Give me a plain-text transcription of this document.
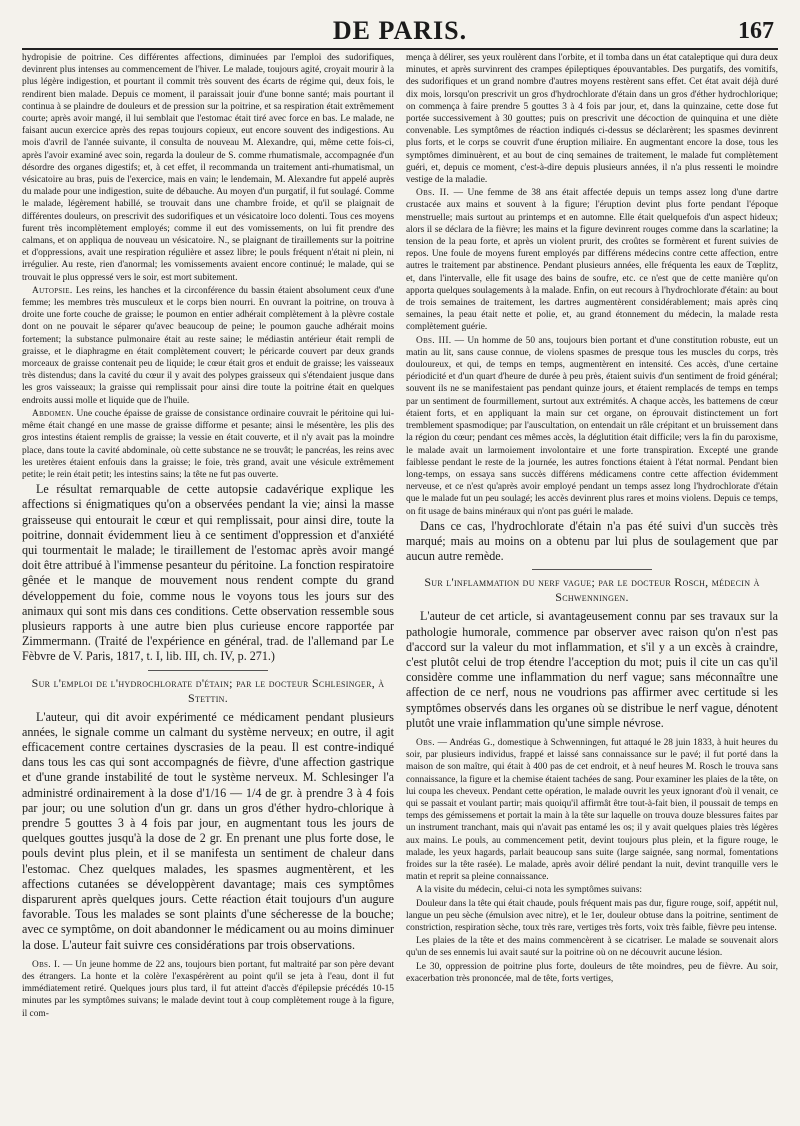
DE PARIS.	167

hydropisie de poitrine. Ces différentes affections, diminuées par l'emploi des sudorifiques, devinrent plus intenses au commencement de l'hiver. Le malade, toujours agité, croyait mourir à la plus légère indigestion, et pourtant il commit très souvent des écarts de régime qui, deux fois, le rendirent bien malade. Depuis ce moment, il paraissait jouir d'une bonne santé; mais pourtant il continua à se plaindre de douleurs et de pression sur la poitrine, et sa respiration était extrêmement courte; après avoir mangé, il lui semblait que l'estomac était tiré avec force en bas. Le malade, ne faisant aucun exercice après des repas toujours copieux, eut encore souvent des indigestions. Au mois d'avril de l'année suivante, il consulta de nouveau M. Alexandre, qui, même cette fois-ci, après l'avoir examiné avec soin, regarda la douleur de S. comme rhumatismale, accompagnée d'un désordre des organes digestifs; et, à cet effet, il recommanda un traitement anti-rhumatismal, un vésicatoire au bras, puis de l'exercice, mais en vain; le lendemain, M. Alexandre fut appelé auprès du malade pour une indigestion, suite de débauche. Au moyen d'un purgatif, il fut soulagé. Comme le malade, légèrement habillé, se trouvait dans une chambre froide, et qu'il se plaignait de différentes douleurs, on prescrivit des sudorifiques et un vésicatoire loco dolenti. Tous ces moyens furent très incomplètement employés; comme il eut des vomissements, on lui fit prendre des calmans, et on appliqua de nouveau un vésicatoire. N., se plaignant de tiraillements sur la poitrine et d'oppressions, avait une respiration régulière et assez libre; le pouls fréquent n'était ni plein, ni irrégulier. Au reste, rien d'anormal; les vomissements avaient encore continué; le malade, qui se trouvait le plus oppressé vers le soir, est mort subitement.

Autopsie. Les reins, les hanches et la circonférence du bassin étaient absolument ceux d'une femme; les membres très musculeux et le corps bien nourri. En ouvrant la poitrine, on trouva à droite une forte couche de graisse; le poumon en entier adhérait complètement à la plèvre costale dont on ne pouvait le séparer qu'avec beaucoup de peine; le poumon gauche adhérait moins fortement; la substance pulmonaire était au reste saine; le médiastin antérieur était rempli de graisse, et le diaphragme en était complètement couvert; le péricarde couvert par deux grands morceaux de graisse contenait peu de liquide; le cœur était gros et enduit de graisse; les vaisseaux très distendus; dans la cavité du cœur il y avait des polypes graisseux qui s'étendaient jusque dans les gros vaisseaux; la graisse qui remplissait pour ainsi dire toute la poitrine était en quelques endroits aussi molle et liquide que de l'huile.

Abdomen. Une couche épaisse de graisse de consistance ordinaire couvrait le péritoine qui lui-même était changé en une masse de graisse difforme et pesante; ainsi le mésentère, les plis des gros intestins étaient remplis de graisse; la vessie en était couverte, et il n'y avait pas la moindre place, dans toute la cavité abdominale, où cette substance ne se trouvât; le pancréas, les reins avec les uretères étaient enfouis dans la graisse; le foie, très grand, avait une vésicule extrêmement petite; le rein était petit; les intestins sains; la tête ne fut pas ouverte.

Le résultat remarquable de cette autopsie cadavérique explique les affections si énigmatiques qu'on a observées pendant la vie; ainsi la masse graisseuse qui entourait le cœur et qui remplissait, pour ainsi dire, toute la poitrine, donnait évidemment lieu à ce sentiment d'oppression et d'anxiété qui tourmentait le malade; le tiraillement de l'estomac après avoir mangé doit être attribué à l'immense pesanteur du péritoine. La fonction respiratoire gênée et le manque de mouvement nous rendent compte du grand développement du foie, comme nous le voyons tous les jours sur des animaux qui sont mis dans ces conditions. Cette observation ressemble sous plusieurs rapports à une autre bien plus curieuse encore rapportée par Zimmermann. (Traité de l'expérience en général, trad. de l'allemand par Le Fèbvre de V. Paris, 1817, t. I, lib. III, ch. IV, p. 271.)

Sur l'emploi de l'hydrochlorate d'étain; par le docteur Schlesinger, à Stettin.

L'auteur, qui dit avoir expérimenté ce médicament pendant plusieurs années, le signale comme un calmant du système nerveux; en outre, il agit efficacement contre certaines dyscrasies de la peau. Il est contre-indiqué dans tous les cas qui sont accompagnés de fièvre, d'une affection gastrique et d'une grande instabilité de tout le système nerveux. M. Schlesinger l'a administré ordinairement à la dose d'1/16 — 1/4 de gr. à prendre 3 à 4 fois par jour; ou une solution d'un gr. dans un gros d'éther hydro-chlorique à prendre 5 gouttes 3 à 4 fois par jour, en augmentant tous les jours de quelques gouttes jusqu'à la dose de 2 gr. En prenant une plus forte dose, le pouls devint plus plein, et il se manifesta un sentiment de chaleur dans l'estomac. Chez quelques malades, les spasmes augmentèrent, et les affections cutanées se développèrent davantage; mais ces symptômes disparurent après quelques jours. Cette réaction était toujours d'un augure favorable. Tous les malades se sont plaints d'une sécheresse de la bouche; avec ce symptôme, on doit abandonner le médicament ou au moins diminuer la dose. L'auteur fait suivre ces considérations par trois observations.

Obs. I. — Un jeune homme de 22 ans, toujours bien portant, fut maltraité par son père devant des étrangers. La honte et la colère l'exaspérèrent au point qu'il se jeta à l'eau, dont il fut immédiatement retiré. Quelques jours plus tard, il fut atteint d'accès d'épilepsie précédés 10-15 minutes par les symptômes suivans; le malade devint tout à coup complètement rouge à la figure, il com-

mença à délirer, ses yeux roulèrent dans l'orbite, et il tomba dans un état cataleptique qui dura deux minutes, et après survinrent des crampes épileptiques épouvantables. Des purgatifs, des vomitifs, des sudorifiques et un grand nombre d'autres moyens restèrent sans effet. Cet état avait déjà duré dix mois, lorsqu'on prescrivit un gros d'hydrochlorate d'étain dans un gros d'éther hydrochlorique; on commença à faire prendre 5 gouttes 3 à 4 fois par jour, et, dans la quinzaine, cette dose fut portée successivement à 30 gouttes; puis on prescrivit une décoction de quinquina et une diète convenable. Les symptômes de réaction indiqués ci-dessus se déclarèrent; les spasmes devinrent plus forts, et le corps se couvrit d'une éruption miliaire. En augmentant encore la dose, tous les symptômes diminuèrent, et au bout de cinq semaines de traitement, le malade fut complètement guéri, et, depuis ce moment, c'est-à-dire depuis plusieurs années, il n'a plus ressenti le moindre vestige de la maladie.

Obs. II. — Une femme de 38 ans était affectée depuis un temps assez long d'une dartre crustacée aux mains et souvent à la figure; l'éruption devint plus forte pendant l'époque menstruelle; mais surtout au printemps et en automne. Elle était quelquefois d'un aspect hideux; alors il se déclara de la fièvre; les mains et la figure devinrent rouges comme dans la scarlatine; la tension de la peau forte, et après un violent prurit, des croûtes se formèrent et furent suivies de repos. Une foule de moyens furent employés par différens médecins contre cette affection, entre autres le traitement par abstinence. Pendant plusieurs années, elle fréquenta les eaux de Tœplitz, et, dans l'intervalle, elle fit usage des bains de soufre, etc. ce n'est que de cette manière qu'on apporta quelques soulagements à la malade. Enfin, on eut recours à l'hydrochlorate d'étain: au bout de trois semaines de traitement, les dartres augmentèrent considérablement; mais après cinq semaines, la peau était nette et polie, et, au grand étonnement du médecin, la malade resta complètement guérie.

Obs. III. — Un homme de 50 ans, toujours bien portant et d'une constitution robuste, eut un matin au lit, sans cause connue, de violens spasmes de presque tous les muscles du corps, très douloureux, et qui, de temps en temps, augmentèrent en intensité. Ces accès, d'une certaine périodicité et d'un quart d'heure de durée à peu près, étaient suivis d'un sentiment de froid général; souvent ils ne se manifestaient pas pendant quinze jours, et étaient remplacés de temps en temps par un sentiment de fourmillement, surtout aux extrémités. A chaque accès, les battemens de cœur étaient forts, et en appliquant la main sur cet organe, on éprouvait distinctement un fort tremblement spasmodique; par l'auscultation, on entendait un râle crépitant et un bruissement dans la région du cœur; pendant ces mêmes accès, la déglutition était difficile; vers la fin du paroxisme, le malade avait un larmoiement involontaire et une forte transpiration. Excepté une grande faiblesse pendant le reste de la journée, les autres fonctions étaient à l'état normal. Pendant bien long-temps, on essaya sans succès différens médicamens contre cette affection évidemment nerveuse, et ce n'est qu'après avoir employé pendant un temps assez long l'hydrochlorate d'étain que le malade fut un peu soulagé; les accès devinrent plus rares et moins violens. Depuis ce temps, on fit usage de bains minéraux qui n'ont pas guéri le malade.

Dans ce cas, l'hydrochlorate d'étain n'a pas été suivi d'un succès très marqué; mais au moins on a obtenu par lui plus de soulagement que par aucun autre remède.

Sur l'inflammation du nerf vague; par le docteur Rosch, médecin à Schwenningen.

L'auteur de cet article, si avantageusement connu par ses travaux sur la pathologie humorale, commence par observer avec raison qu'on n'est pas d'accord sur la valeur du mot inflammation, et s'il y a un excès à craindre, c'est plutôt celui de trop étendre l'acception du mot; puis il cite un cas qu'il considère comme une inflammation du nerf vague; sans méconnaître une affection de ce nerf, nous ne voudrions pas affirmer avec certitude si les symptômes observés dans les organes où se distribue le nerf vague, dénotent plutôt une vraie inflammation qu'une simple névrose.

Obs. — Andréas G., domestique à Schwenningen, fut attaqué le 28 juin 1833, à huit heures du soir, par plusieurs individus, frappé et laissé sans connaissance sur le pavé; il fut porté dans la maison de son maître, qui était à 400 pas de cet endroit, et à neuf heures M. Rosch le trouva sans connaissance, la figure et la chemise étaient tachées de sang. Pour examiner les plaies de la tête, on lui coupa les cheveux. Pendant cette opération, le malade ouvrit les yeux ignorant d'où il venait, ce qui se passait et voulant partir; mais quoiqu'il affirmât être tout-à-fait bien, il poussait de temps en temps des gémissemens et portait la main à la tête sur laquelle on trouva douze blessures faites par un instrument tranchant, mais qui n'avait pas entamé les os; il y avait quelques plaies très légères aux mains. Le pouls, au commencement petit, devint toujours plus plein, et la figure rouge, le malade, les yeux hagards, parlait beaucoup sans suite (large saignée, sang normal, fomentations froides sur la tête rasée). Le malade, après avoir déliré pendant la nuit, devint tranquille vers le matin et reprit sa pleine connaissance.

A la visite du médecin, celui-ci nota les symptômes suivans:

Douleur dans la tête qui était chaude, pouls fréquent mais pas dur, figure rouge, soif, appétit nul, langue un peu sèche (émulsion avec nitre), et le 1er, douleur obtuse dans la poitrine, sentiment de constriction, respiration sèche, toux très rare, vertiges très forts, voix très faible, fièvre peu intense.

Les plaies de la tête et des mains commencèrent à se cicatriser. Le malade se souvenait alors qu'un de ses ennemis lui avait sauté sur la poitrine où on ne découvrit aucune lésion.

Le 30, oppression de poitrine plus forte, douleurs de tête moindres, peu de fièvre. Au soir, exacerbation très prononcée, mal de tête, forts vertiges,
